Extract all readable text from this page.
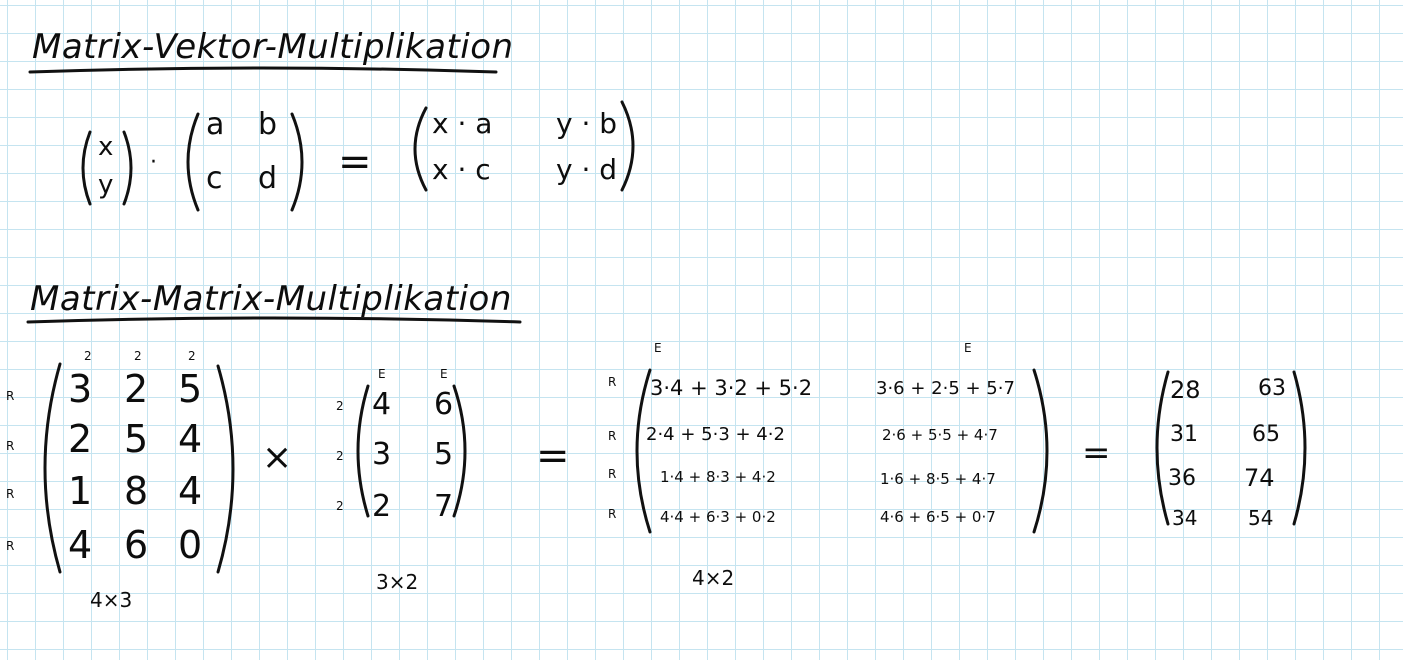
Matrix-Vektor-Multiplikation
x
y
·
a b
c d =
x · a y · b
x · c y · d
Matrix-Matrix-Multiplikation
2	2	2
R
R
R
R
3 2 5
2 5 4
1 8 4
4 6 0
4×3
×
E	E
2
2
2
4 6
3 5
2 7
3×2
=
E	E
R
R
R
R
3·4 + 3·2 + 5·2	3·6 + 2·5 + 5·7
2·4 + 5·3 + 4·2	2·6 + 5·5 + 4·7
1·4 + 8·3 + 4·2	1·6 + 8·5 + 4·7
4·4 + 6·3 + 0·2	4·6 + 6·5 + 0·7
4×2
=
28	63
31 65
36 74
34	54
